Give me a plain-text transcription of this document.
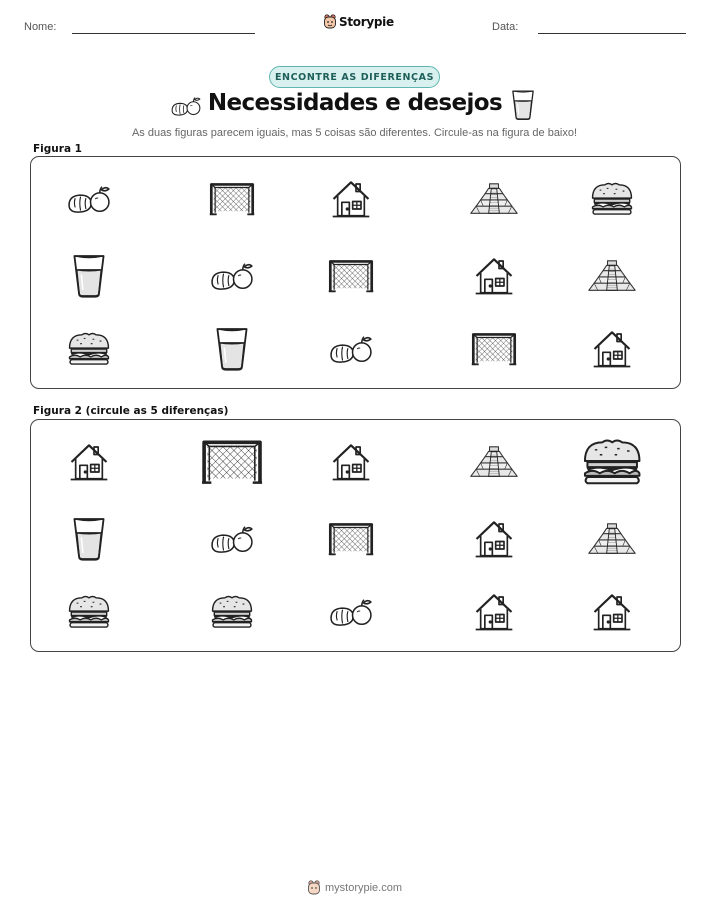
Nome:	Storypie	Data:
ENCONTRE AS DIFERENÇAS
Necessidades e desejos
As duas figuras parecem iguais, mas 5 coisas são diferentes. Circule-as na figura de baixo!
Figura 1
Figura 2 (circule as 5 diferenças)
mystorypie.com
